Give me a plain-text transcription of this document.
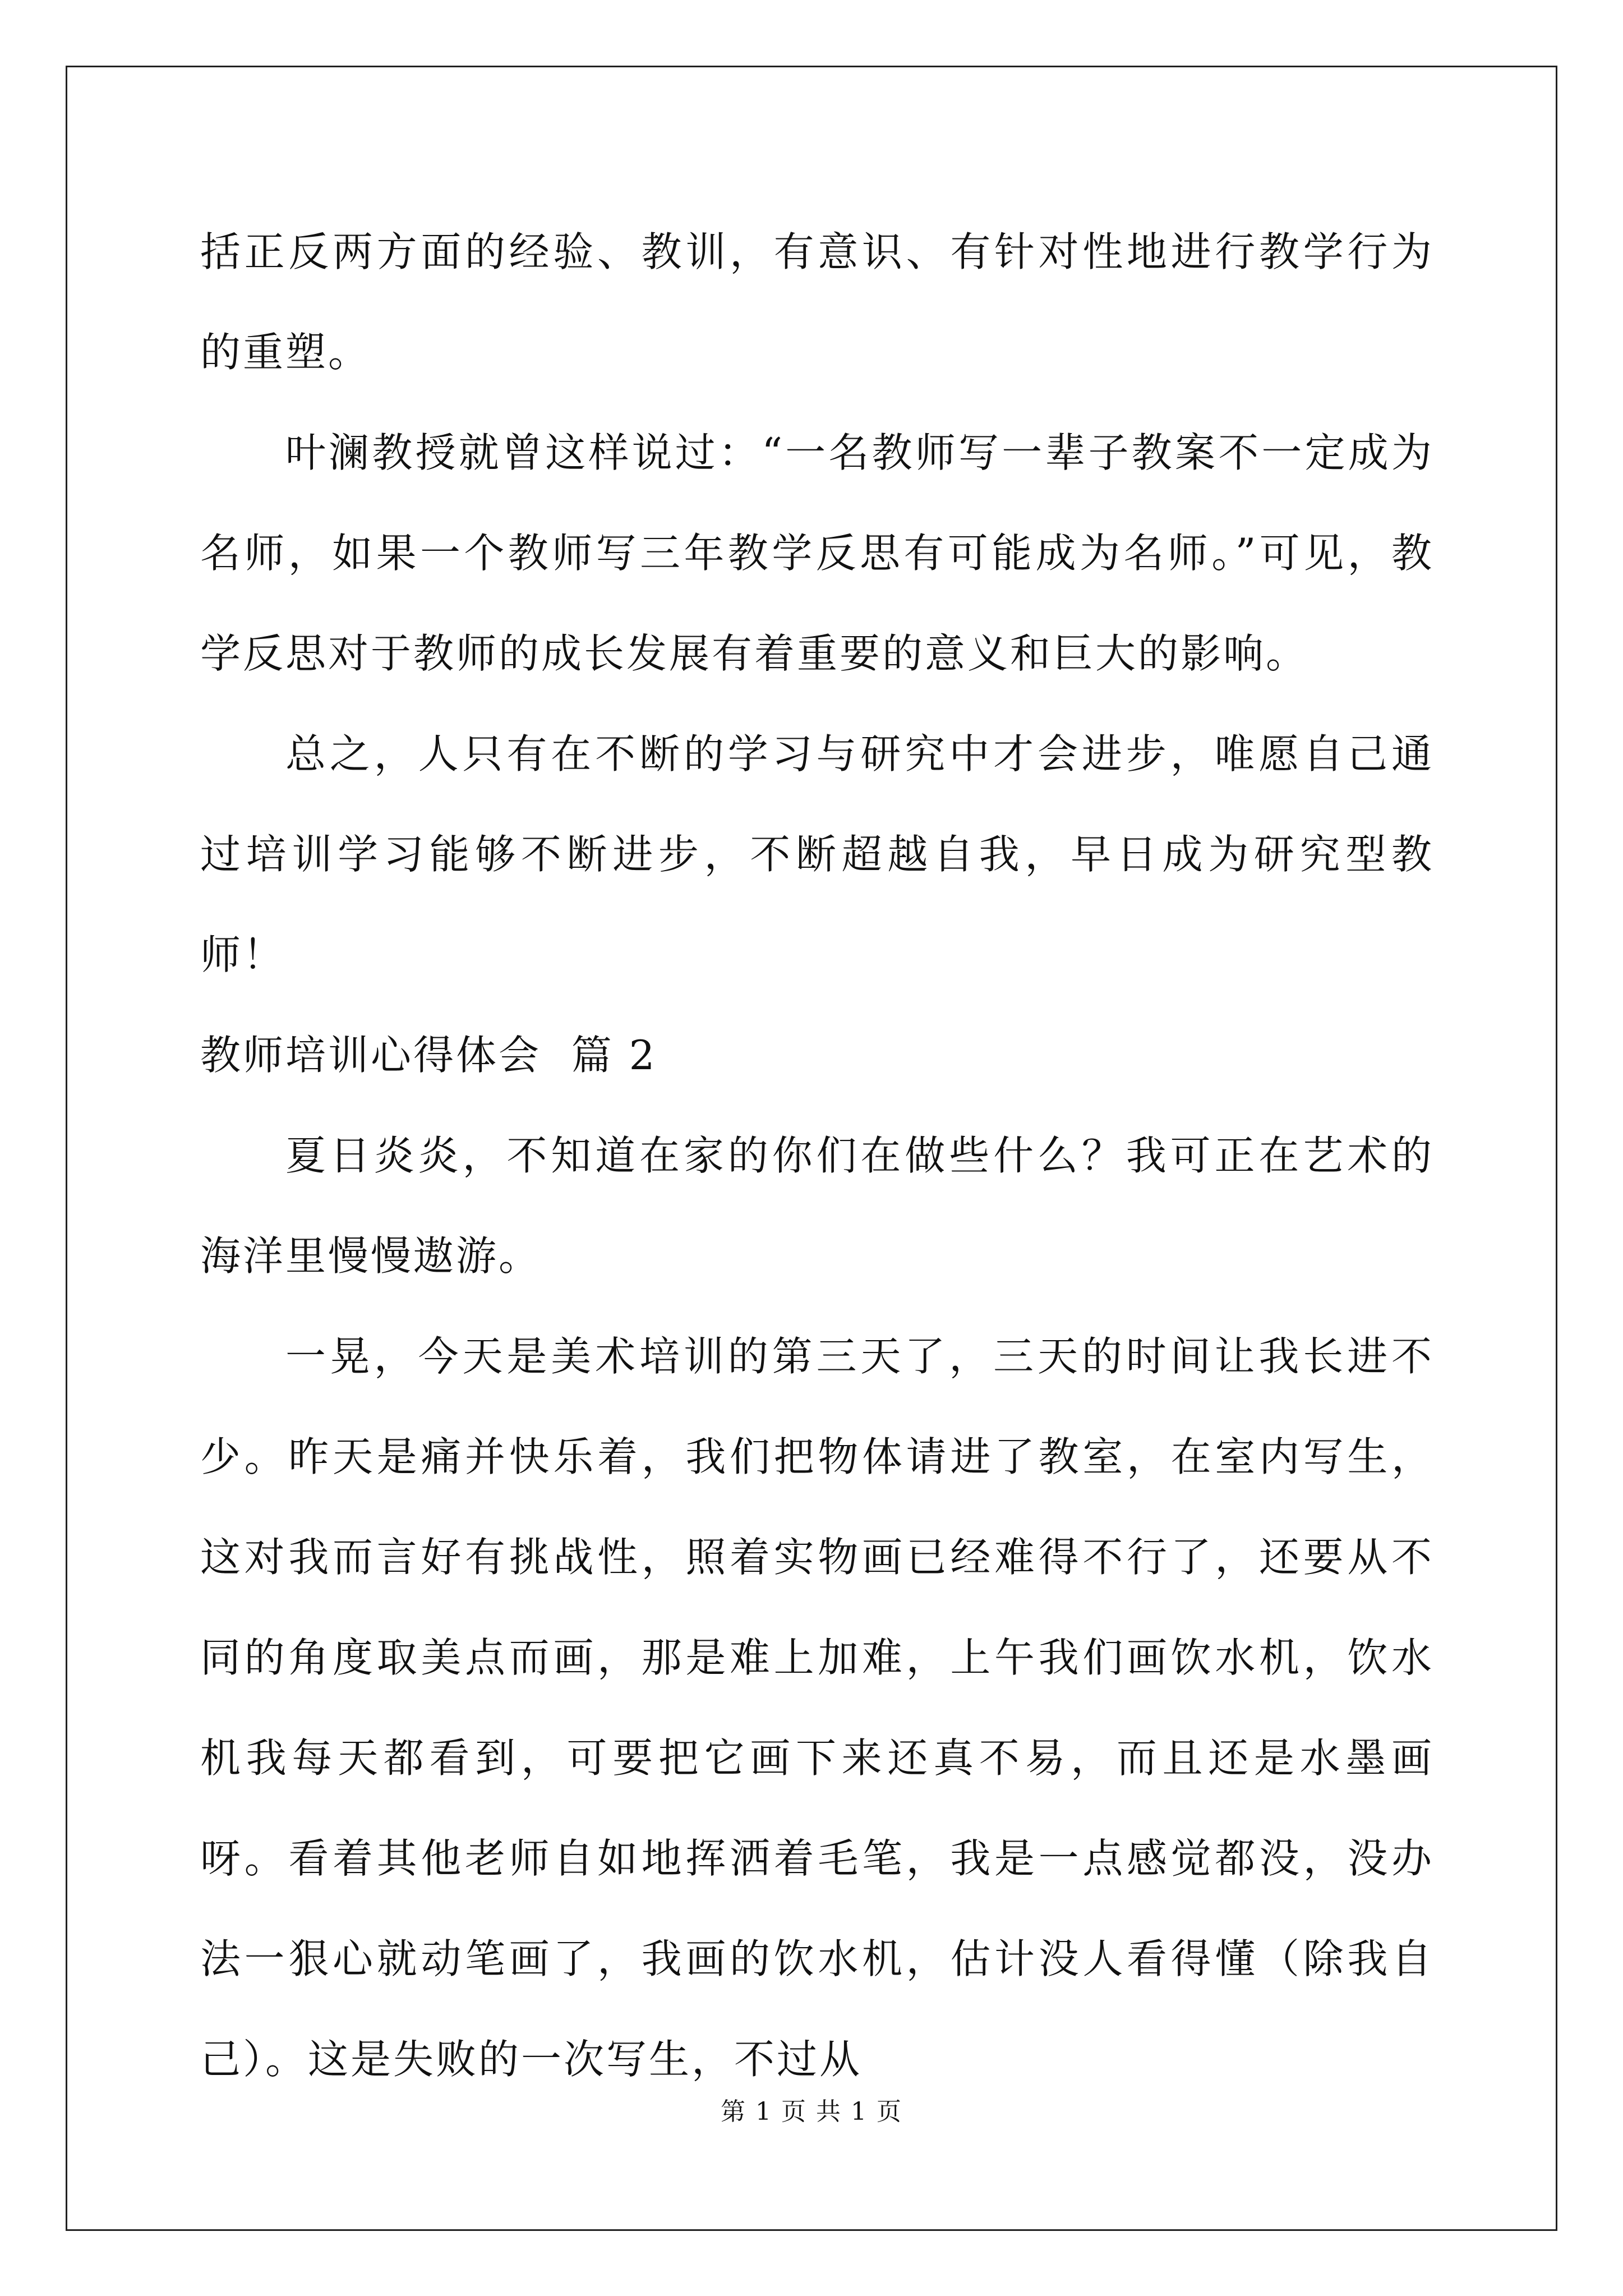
括正反两方面的经验、教训，有意识、有针对性地进行教学行为的重塑。

叶澜教授就曾这样说过：“一名教师写一辈子教案不一定成为名师，如果一个教师写三年教学反思有可能成为名师。”可见，教学反思对于教师的成长发展有着重要的意义和巨大的影响。

总之，人只有在不断的学习与研究中才会进步，唯愿自己通过培训学习能够不断进步，不断超越自我，早日成为研究型教师！

教师培训心得体会  篇 2

夏日炎炎，不知道在家的你们在做些什么？我可正在艺术的海洋里慢慢遨游。

一晃，今天是美术培训的第三天了，三天的时间让我长进不少。昨天是痛并快乐着，我们把物体请进了教室，在室内写生，这对我而言好有挑战性，照着实物画已经难得不行了，还要从不同的角度取美点而画，那是难上加难，上午我们画饮水机，饮水机我每天都看到，可要把它画下来还真不易，而且还是水墨画呀。看着其他老师自如地挥洒着毛笔，我是一点感觉都没，没办法一狠心就动笔画了，我画的饮水机，估计没人看得懂（除我自己）。这是失败的一次写生，不过从

第 1 页 共 1 页
